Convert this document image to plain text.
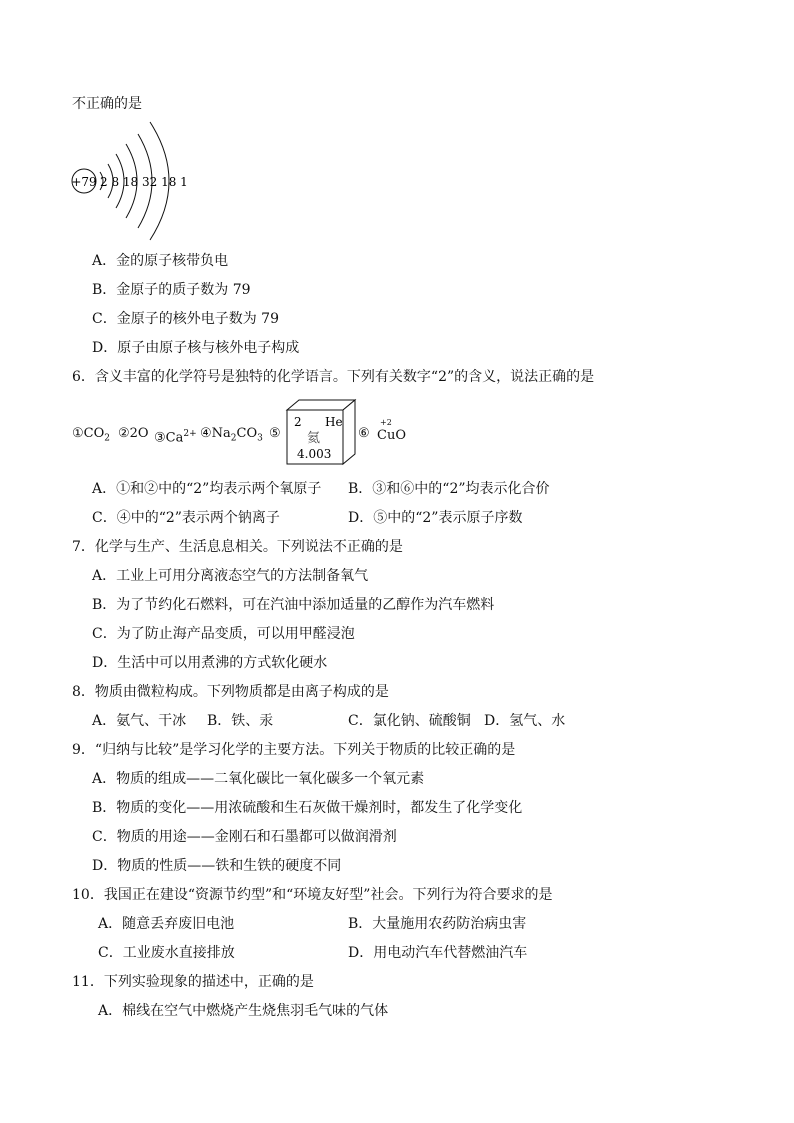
不正确的是
+79 2 8 18 32 18 1
A．金的原子核带负电
B．金原子的质子数为 79
C．金原子的核外电子数为 79
D．原子由原子核与核外电子构成
6．含义丰富的化学符号是独特的化学语言。下列有关数字“2”的含义，说法正确的是
$①CO_2$ ②2O $③Ca^{2+}$ $④Na_2CO_3$ ⑤
2 He
氦
4.003
⑥
+2
CuO
A．①和②中的“2”均表示两个氧原子 B．③和⑥中的“2”均表示化合价
C．④中的“2”表示两个钠离子	D．⑤中的“2”表示原子序数
7．化学与生产、生活息息相关。下列说法不正确的是
A．工业上可用分离液态空气的方法制备氧气
B．为了节约化石燃料，可在汽油中添加适量的乙醇作为汽车燃料
C．为了防止海产品变质，可以用甲醛浸泡
D．生活中可以用煮沸的方式软化硬水
8．物质由微粒构成。下列物质都是由离子构成的是
A．氨气、干冰 B．铁、汞	C．氯化钠、硫酸铜 D．氢气、水
9．“归纳与比较”是学习化学的主要方法。下列关于物质的比较正确的是
A．物质的组成——二氧化碳比一氧化碳多一个氧元素
B．物质的变化——用浓硫酸和生石灰做干燥剂时，都发生了化学变化
C．物质的用途——金刚石和石墨都可以做润滑剂
D．物质的性质——铁和生铁的硬度不同
10．我国正在建设“资源节约型”和“环境友好型”社会。下列行为符合要求的是
A．随意丢弃废旧电池	B．大量施用农药防治病虫害
C．工业废水直接排放	D．用电动汽车代替燃油汽车
11．下列实验现象的描述中，正确的是
A．棉线在空气中燃烧产生烧焦羽毛气味的气体
